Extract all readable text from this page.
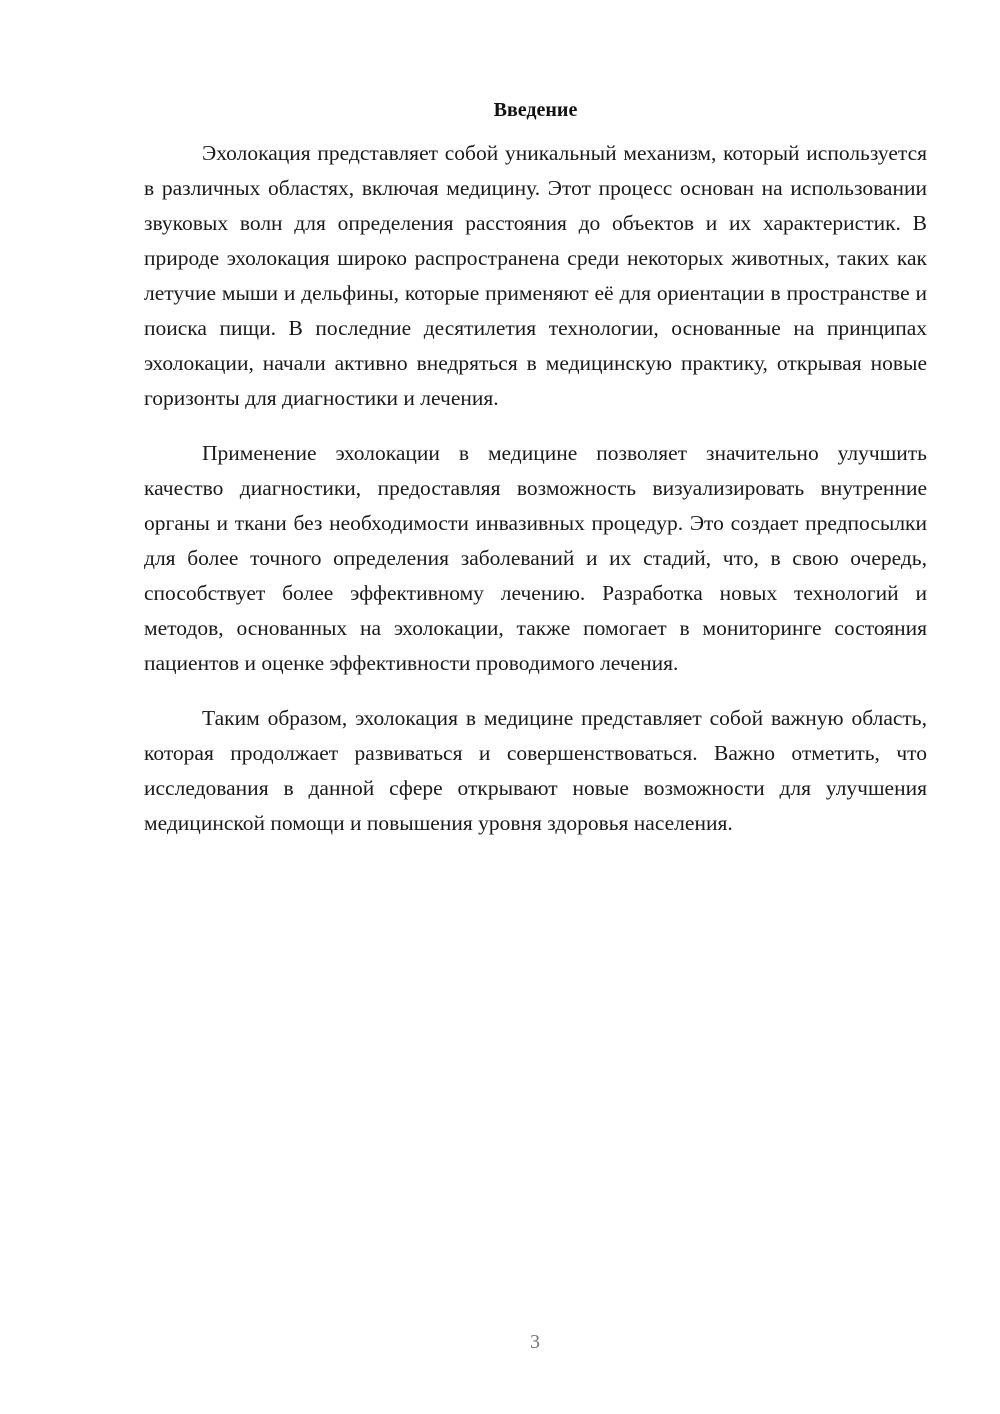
Введение

Эхолокация представляет собой уникальный механизм, который используется в различных областях, включая медицину. Этот процесс основан на использовании звуковых волн для определения расстояния до объектов и их характеристик. В природе эхолокация широко распространена среди некоторых животных, таких как летучие мыши и дельфины, которые применяют её для ориентации в пространстве и поиска пищи. В последние десятилетия технологии, основанные на принципах эхолокации, начали активно внедряться в медицинскую практику, открывая новые горизонты для диагностики и лечения.

Применение эхолокации в медицине позволяет значительно улучшить качество диагностики, предоставляя возможность визуализировать внутренние органы и ткани без необходимости инвазивных процедур. Это создает предпосылки для более точного определения заболеваний и их стадий, что, в свою очередь, способствует более эффективному лечению. Разработка новых технологий и методов, основанных на эхолокации, также помогает в мониторинге состояния пациентов и оценке эффективности проводимого лечения.

Таким образом, эхолокация в медицине представляет собой важную область, которая продолжает развиваться и совершенствоваться. Важно отметить, что исследования в данной сфере открывают новые возможности для улучшения медицинской помощи и повышения уровня здоровья населения.

3
